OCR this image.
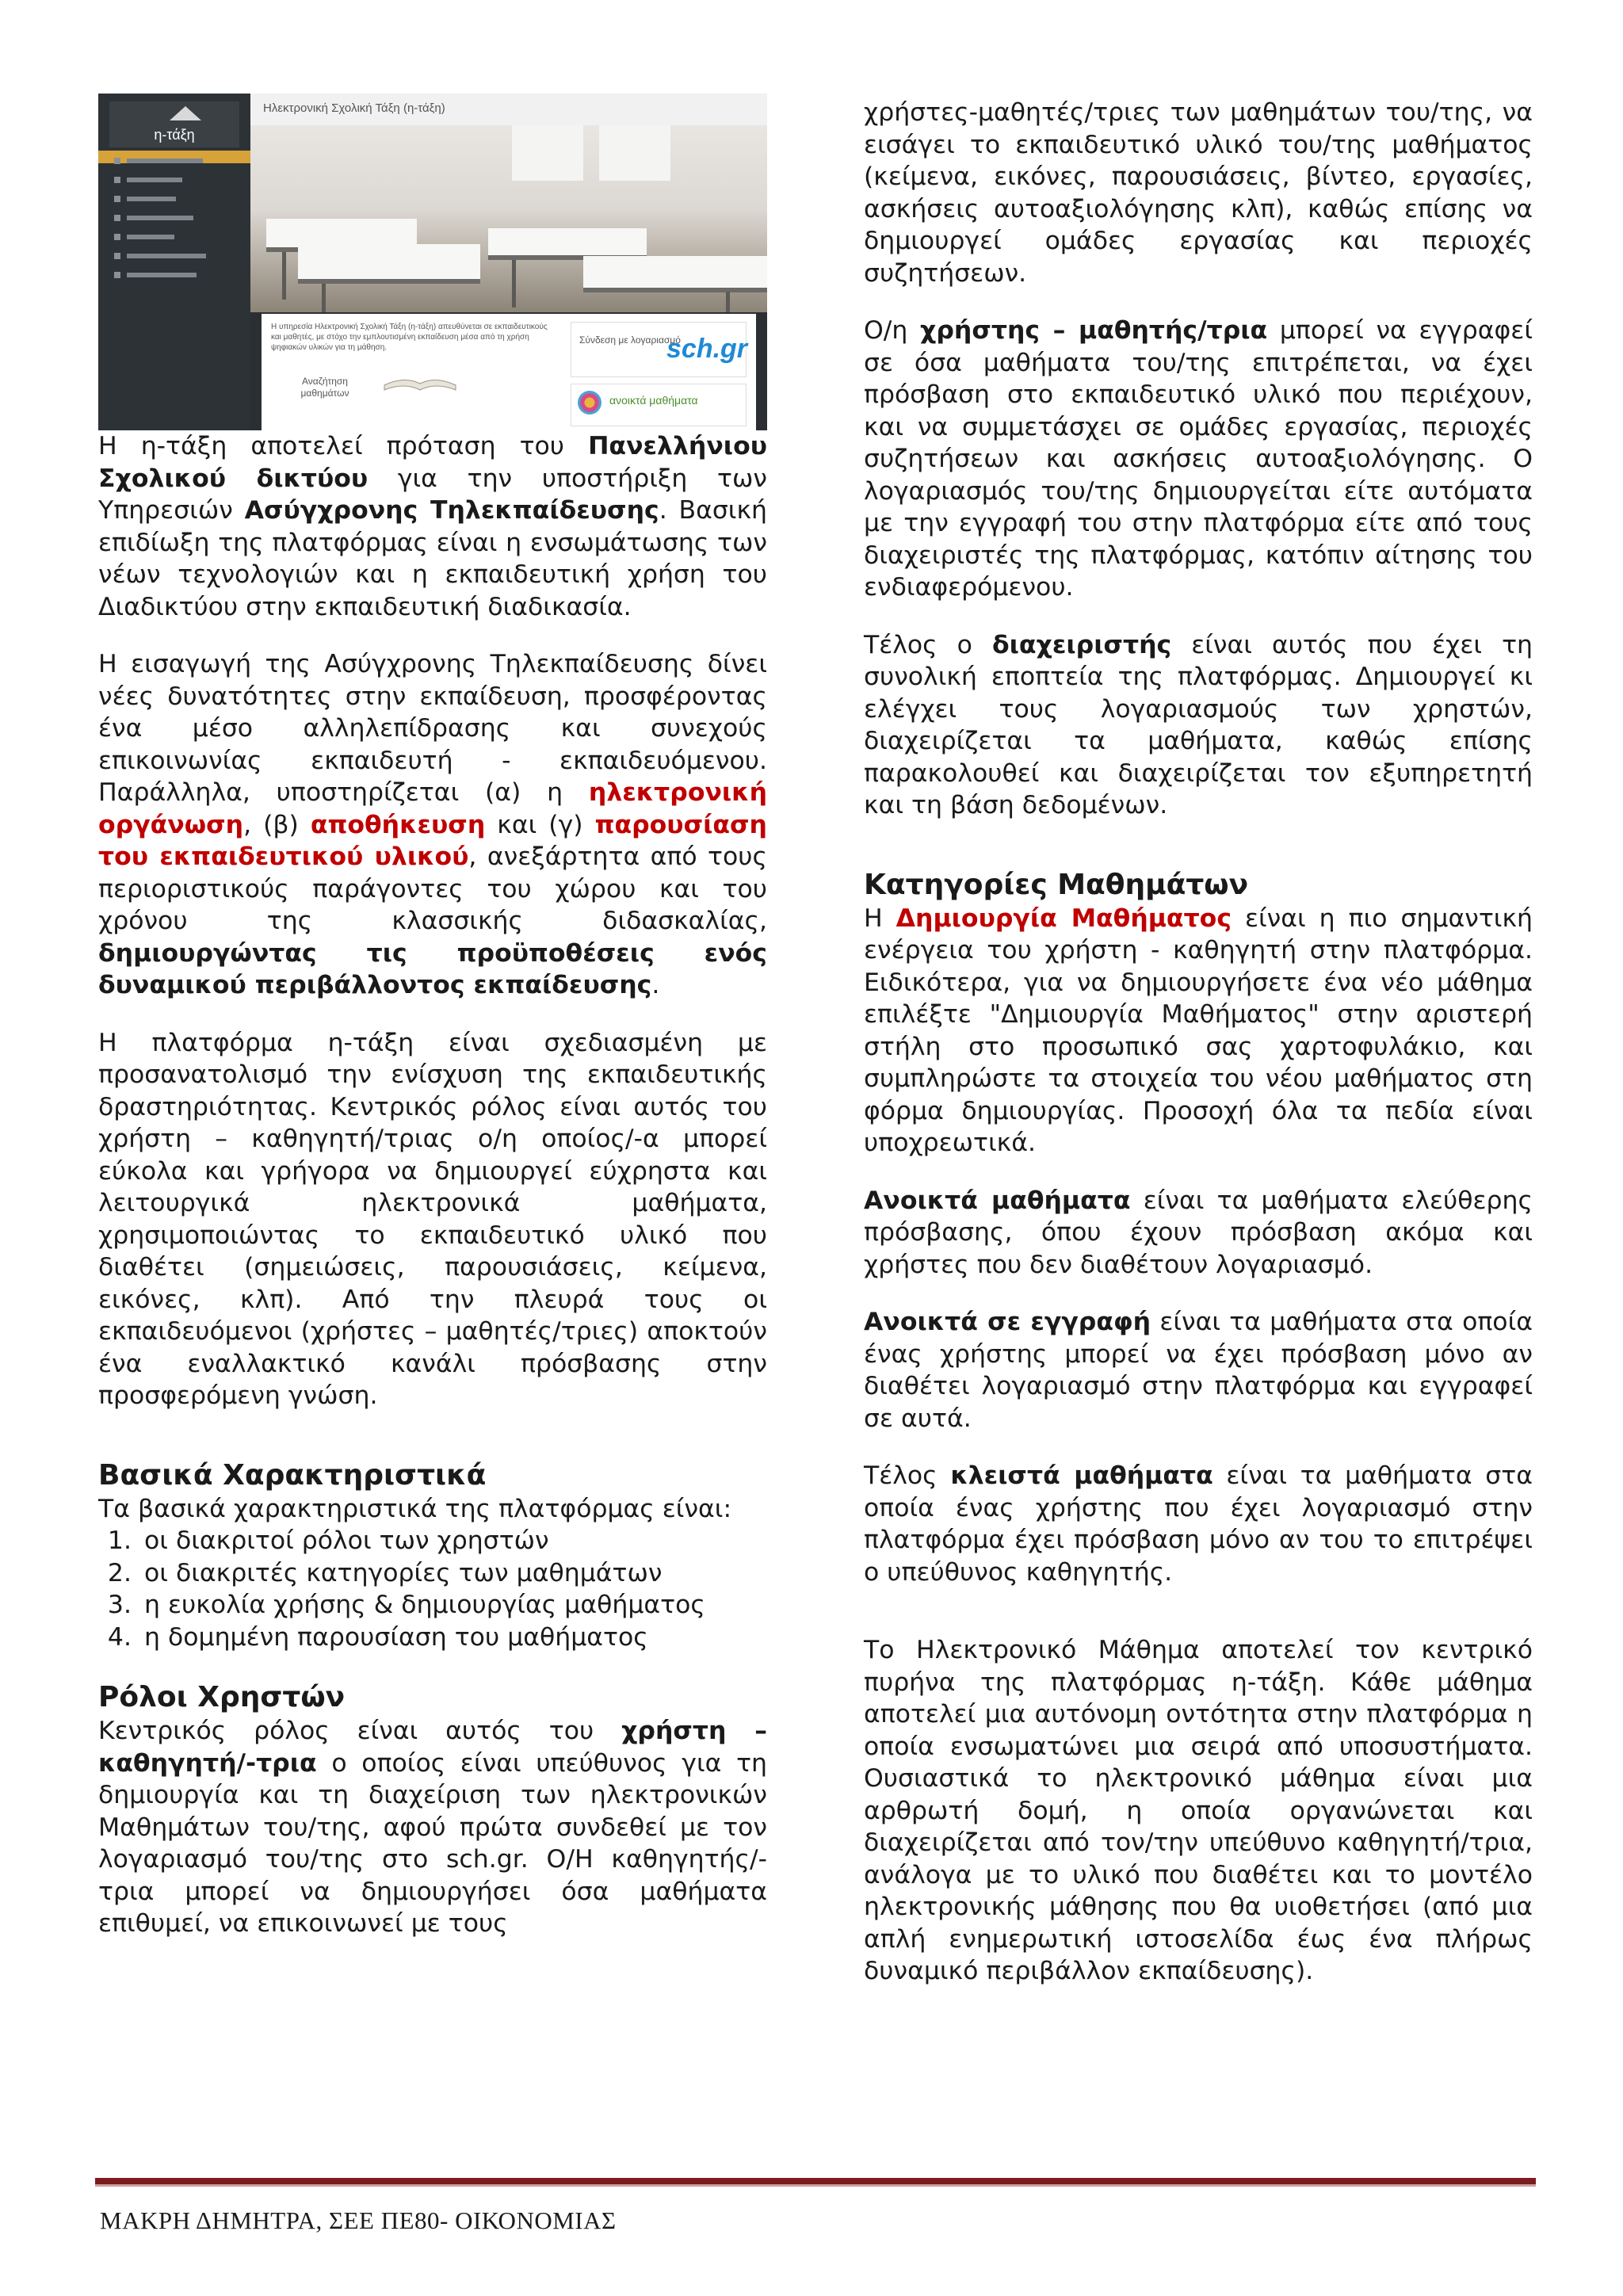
η-τάξη
Ηλεκτρονική Σχολική Τάξη (η-τάξη)
Η υπηρεσία Ηλεκτρονική Σχολική Τάξη (η-τάξη) απευθύνεται σε εκπαιδευτικούς και μαθητές, με στόχο την εμπλουτισμένη εκπαίδευση μέσα από τη χρήση ψηφιακών υλικών για τη μάθηση.
Αναζήτηση μαθημάτων
Σύνδεση με λογαριασμό
sch.gr
ανοικτά μαθήματα

Η η-τάξη αποτελεί πρόταση του Πανελλήνιου Σχολικού δικτύου για την υποστήριξη των Υπηρεσιών Ασύγχρονης Τηλεκπαίδευσης. Βασική επιδίωξη της πλατφόρμας είναι η ενσωμάτωσης των νέων τεχνολογιών και η εκπαιδευτική χρήση του Διαδικτύου στην εκπαιδευτική διαδικασία.

Η εισαγωγή της Ασύγχρονης Τηλεκπαίδευσης δίνει νέες δυνατότητες στην εκπαίδευση, προσφέροντας ένα μέσο αλληλεπίδρασης και συνεχούς επικοινωνίας εκπαιδευτή - εκπαιδευόμενου. Παράλληλα, υποστηρίζεται (α) η ηλεκτρονική οργάνωση, (β) αποθήκευση και (γ) παρουσίαση του εκπαιδευτικού υλικού, ανεξάρτητα από τους περιοριστικούς παράγοντες του χώρου και του χρόνου της κλασσικής διδασκαλίας, δημιουργώντας τις προϋποθέσεις ενός δυναμικού περιβάλλοντος εκπαίδευσης.

Η πλατφόρμα η-τάξη είναι σχεδιασμένη με προσανατολισμό την ενίσχυση της εκπαιδευτικής δραστηριότητας. Κεντρικός ρόλος είναι αυτός του χρήστη – καθηγητή/τριας ο/η οποίος/-α μπορεί εύκολα και γρήγορα να δημιουργεί εύχρηστα και λειτουργικά ηλεκτρονικά μαθήματα, χρησιμοποιώντας το εκπαιδευτικό υλικό που διαθέτει (σημειώσεις, παρουσιάσεις, κείμενα, εικόνες, κλπ). Από την πλευρά τους οι εκπαιδευόμενοι (χρήστες – μαθητές/τριες) αποκτούν ένα εναλλακτικό κανάλι πρόσβασης στην προσφερόμενη γνώση.

Βασικά Χαρακτηριστικά

Τα βασικά χαρακτηριστικά της πλατφόρμας είναι:

1. οι διακριτοί ρόλοι των χρηστών
2. οι διακριτές κατηγορίες των μαθημάτων
3. η ευκολία χρήσης & δημιουργίας μαθήματος
4. η δομημένη παρουσίαση του μαθήματος
Ρόλοι Χρηστών

Κεντρικός ρόλος είναι αυτός του χρήστη – καθηγητή/-τρια ο οποίος είναι υπεύθυνος για τη δημιουργία και τη διαχείριση των ηλεκτρονικών Μαθημάτων του/της, αφού πρώτα συνδεθεί με τον λογαριασμό του/της στο sch.gr. Ο/Η καθηγητής/-τρια μπορεί να δημιουργήσει όσα μαθήματα επιθυμεί, να επικοινωνεί με τους

χρήστες-μαθητές/τριες των μαθημάτων του/της, να εισάγει το εκπαιδευτικό υλικό του/της μαθήματος (κείμενα, εικόνες, παρουσιάσεις, βίντεο, εργασίες, ασκήσεις αυτοαξιολόγησης κλπ), καθώς επίσης να δημιουργεί ομάδες εργασίας και περιοχές συζητήσεων.

Ο/η χρήστης – μαθητής/τρια μπορεί να εγγραφεί σε όσα μαθήματα του/της επιτρέπεται, να έχει πρόσβαση στο εκπαιδευτικό υλικό που περιέχουν, και να συμμετάσχει σε ομάδες εργασίας, περιοχές συζητήσεων και ασκήσεις αυτοαξιολόγησης. Ο λογαριασμός του/της δημιουργείται είτε αυτόματα με την εγγραφή του στην πλατφόρμα είτε από τους διαχειριστές της πλατφόρμας, κατόπιν αίτησης του ενδιαφερόμενου.

Τέλος ο διαχειριστής είναι αυτός που έχει τη συνολική εποπτεία της πλατφόρμας. Δημιουργεί κι ελέγχει τους λογαριασμούς των χρηστών, διαχειρίζεται τα μαθήματα, καθώς επίσης παρακολουθεί και διαχειρίζεται τον εξυπηρετητή και τη βάση δεδομένων.

Κατηγορίες Μαθημάτων

Η Δημιουργία Μαθήματος είναι η πιο σημαντική ενέργεια του χρήστη - καθηγητή στην πλατφόρμα. Ειδικότερα, για να δημιουργήσετε ένα νέο μάθημα επιλέξτε "Δημιουργία Μαθήματος" στην αριστερή στήλη στο προσωπικό σας χαρτοφυλάκιο, και συμπληρώστε τα στοιχεία του νέου μαθήματος στη φόρμα δημιουργίας. Προσοχή όλα τα πεδία είναι υποχρεωτικά.

Ανοικτά μαθήματα είναι τα μαθήματα ελεύθερης πρόσβασης, όπου έχουν πρόσβαση ακόμα και χρήστες που δεν διαθέτουν λογαριασμό.

Ανοικτά σε εγγραφή είναι τα μαθήματα στα οποία ένας χρήστης μπορεί να έχει πρόσβαση μόνο αν διαθέτει λογαριασμό στην πλατφόρμα και εγγραφεί σε αυτά.

Τέλος κλειστά μαθήματα είναι τα μαθήματα στα οποία ένας χρήστης που έχει λογαριασμό στην πλατφόρμα έχει πρόσβαση μόνο αν του το επιτρέψει ο υπεύθυνος καθηγητής.

Το Ηλεκτρονικό Μάθημα αποτελεί τον κεντρικό πυρήνα της πλατφόρμας η-τάξη. Κάθε μάθημα αποτελεί μια αυτόνομη οντότητα στην πλατφόρμα η οποία ενσωματώνει μια σειρά από υποσυστήματα. Ουσιαστικά το ηλεκτρονικό μάθημα είναι μια αρθρωτή δομή, η οποία οργανώνεται και διαχειρίζεται από τον/την υπεύθυνο καθηγητή/τρια, ανάλογα με το υλικό που διαθέτει και το μοντέλο ηλεκτρονικής μάθησης που θα υιοθετήσει (από μια απλή ενημερωτική ιστοσελίδα έως ένα πλήρως δυναμικό περιβάλλον εκπαίδευσης).

ΜΑΚΡΗ ΔΗΜΗΤΡΑ, ΣΕΕ ΠΕ80- ΟΙΚΟΝΟΜΙΑΣ
